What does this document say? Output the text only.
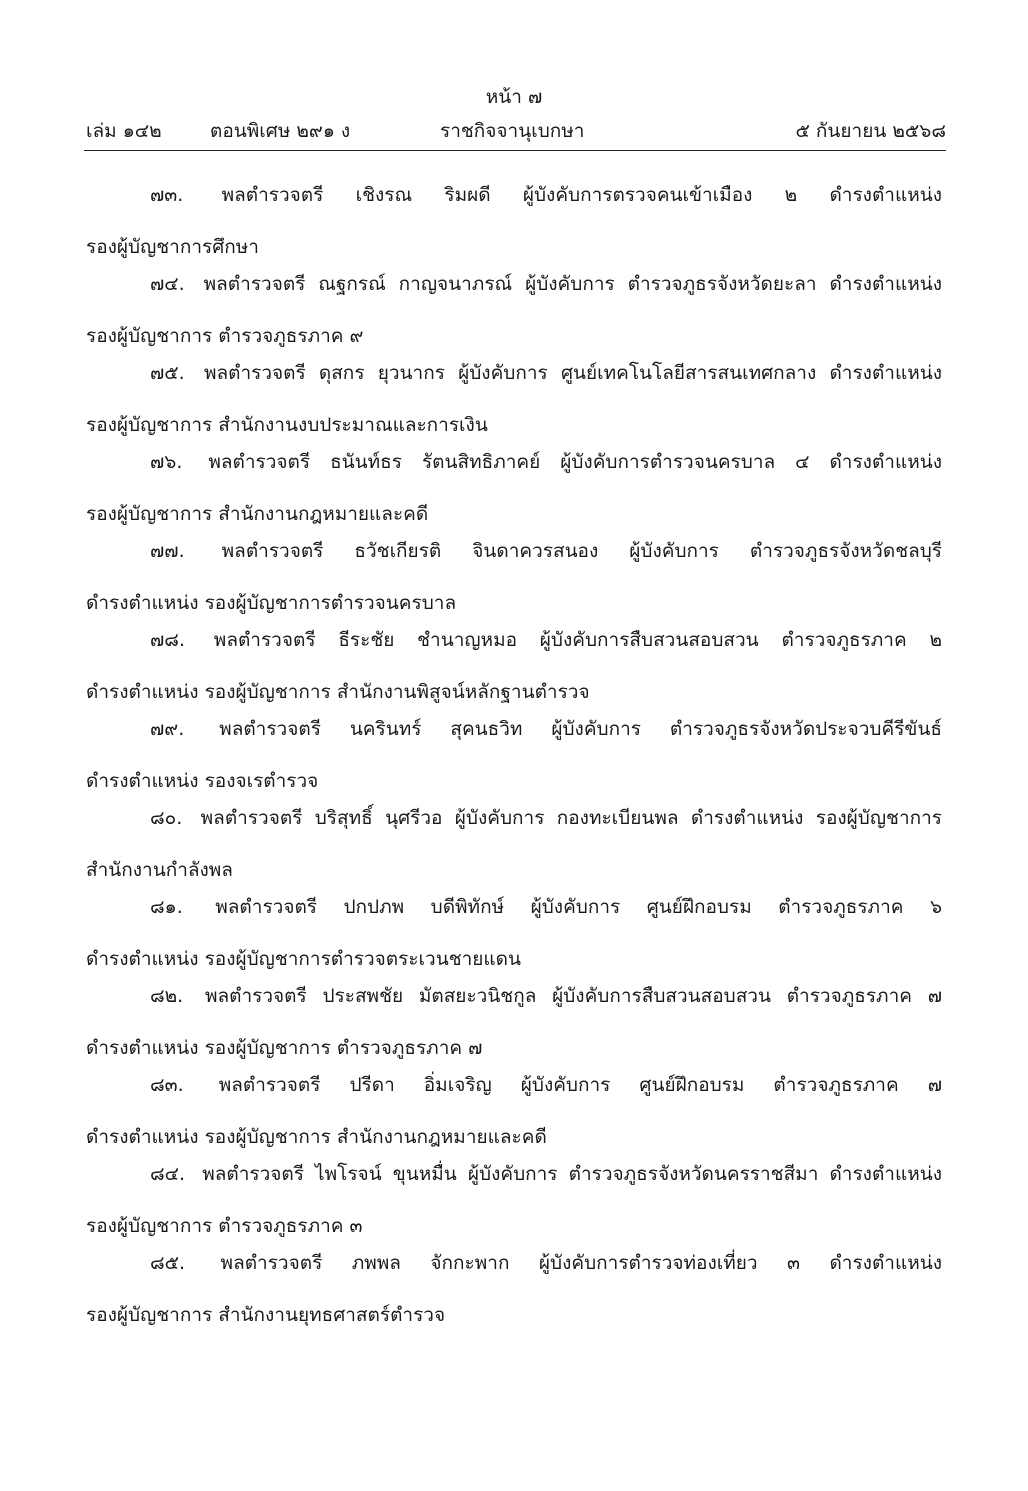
หน้า ๗
เล่ม ๑๔๒	ตอนพิเศษ ๒๙๑ ง	ราชกิจจานุเบกษา	๕ กันยายน ๒๕๖๘
๗๓. พลตำรวจตรี เชิงรณ ริมผดี ผู้บังคับการตรวจคนเข้าเมือง ๒ ดำรงตำแหน่ง
รองผู้บัญชาการศึกษา
๗๔. พลตำรวจตรี ณฐกรณ์ กาญจนาภรณ์ ผู้บังคับการ ตำรวจภูธรจังหวัดยะลา ดำรงตำแหน่ง
รองผู้บัญชาการ ตำรวจภูธรภาค ๙
๗๕. พลตำรวจตรี ดุสกร ยุวนากร ผู้บังคับการ ศูนย์เทคโนโลยีสารสนเทศกลาง ดำรงตำแหน่ง
รองผู้บัญชาการ สำนักงานงบประมาณและการเงิน
๗๖. พลตำรวจตรี ธนันท์ธร รัตนสิทธิภาคย์ ผู้บังคับการตำรวจนครบาล ๔ ดำรงตำแหน่ง
รองผู้บัญชาการ สำนักงานกฎหมายและคดี
๗๗. พลตำรวจตรี ธวัชเกียรติ จินดาควรสนอง ผู้บังคับการ ตำรวจภูธรจังหวัดชลบุรี
ดำรงตำแหน่ง รองผู้บัญชาการตำรวจนครบาล
๗๘. พลตำรวจตรี ธีระชัย ชำนาญหมอ ผู้บังคับการสืบสวนสอบสวน ตำรวจภูธรภาค ๒
ดำรงตำแหน่ง รองผู้บัญชาการ สำนักงานพิสูจน์หลักฐานตำรวจ
๗๙. พลตำรวจตรี นครินทร์ สุคนธวิท ผู้บังคับการ ตำรวจภูธรจังหวัดประจวบคีรีขันธ์
ดำรงตำแหน่ง รองจเรตำรวจ
๘๐. พลตำรวจตรี บริสุทธิ์ นุศรีวอ ผู้บังคับการ กองทะเบียนพล ดำรงตำแหน่ง รองผู้บัญชาการ
สำนักงานกำลังพล
๘๑. พลตำรวจตรี ปกปภพ บดีพิทักษ์ ผู้บังคับการ ศูนย์ฝึกอบรม ตำรวจภูธรภาค ๖
ดำรงตำแหน่ง รองผู้บัญชาการตำรวจตระเวนชายแดน
๘๒. พลตำรวจตรี ประสพชัย มัตสยะวนิชกูล ผู้บังคับการสืบสวนสอบสวน ตำรวจภูธรภาค ๗
ดำรงตำแหน่ง รองผู้บัญชาการ ตำรวจภูธรภาค ๗
๘๓. พลตำรวจตรี ปรีดา อิ่มเจริญ ผู้บังคับการ ศูนย์ฝึกอบรม ตำรวจภูธรภาค ๗
ดำรงตำแหน่ง รองผู้บัญชาการ สำนักงานกฎหมายและคดี
๘๔. พลตำรวจตรี ไพโรจน์ ขุนหมื่น ผู้บังคับการ ตำรวจภูธรจังหวัดนครราชสีมา ดำรงตำแหน่ง
รองผู้บัญชาการ ตำรวจภูธรภาค ๓
๘๕. พลตำรวจตรี ภพพล จักกะพาก ผู้บังคับการตำรวจท่องเที่ยว ๓ ดำรงตำแหน่ง
รองผู้บัญชาการ สำนักงานยุทธศาสตร์ตำรวจ
